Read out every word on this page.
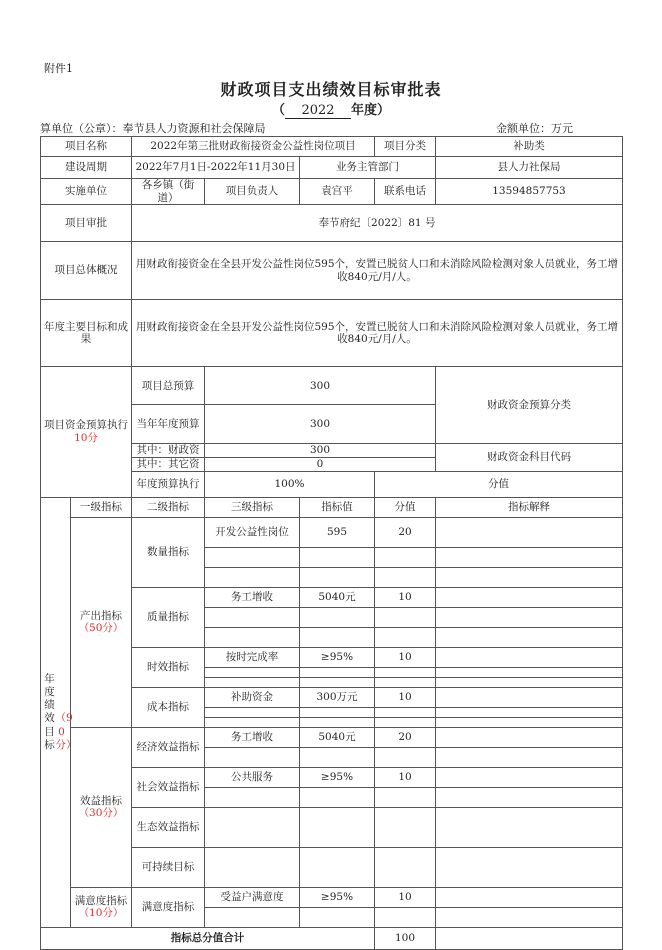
附件1
财政项目支出绩效目标审批表
（ 2022 年度）
算单位（公章）：奉节县人力资源和社会保障局	金额单位：万元
项目名称		2022年第三批财政衔接资金公益性岗位项目			项目分类	补助类	
建设周期		2022年7月1日-2022年11月30日		业务主管部门		县人力社保局	
实施单位		各乡镇（街道）	项目负责人	袁宫平	联系电话	13594857753	
项目审批		奉节府纪〔2022〕81 号					
项目总体概况		用财政衔接资金在全县开发公益性岗位595个，安置已脱贫人口和未消除风险检测对象人员就业，务工增收840元/月/人。					
年度主要目标和成果		用财政衔接资金在全县开发公益性岗位595个，安置已脱贫人口和未消除风险检测对象人员就业，务工增收840元/月/人。					
项目资金预算执行
10分		项目总预算	300			财政资金预算分类	
		当年年度预算	300				
		其中：财政资	300			财政资金科目代码	
		其中：其它资	0				
		年度预算执行	100%		分值	
年度绩效目标（90分）	一级指标	二级指标	三级指标	指标值	分值	指标解释	
	产出指标
（50分）	数量指标	开发公益性岗位	595	20		

		质量指标	务工增收	5040元	10		

		时效指标	按时完成率	≥95%	10		

		成本指标	补助资金	300万元	10		

	效益指标
（30分）	经济效益指标	务工增收	5040元	20		

		社会效益指标	公共服务	≥95%	10		

		生态效益指标					
		可持续目标					
	满意度指标（10分）	满意度指标	受益户满意度	≥95%	10		

指标总分值合计					100		
